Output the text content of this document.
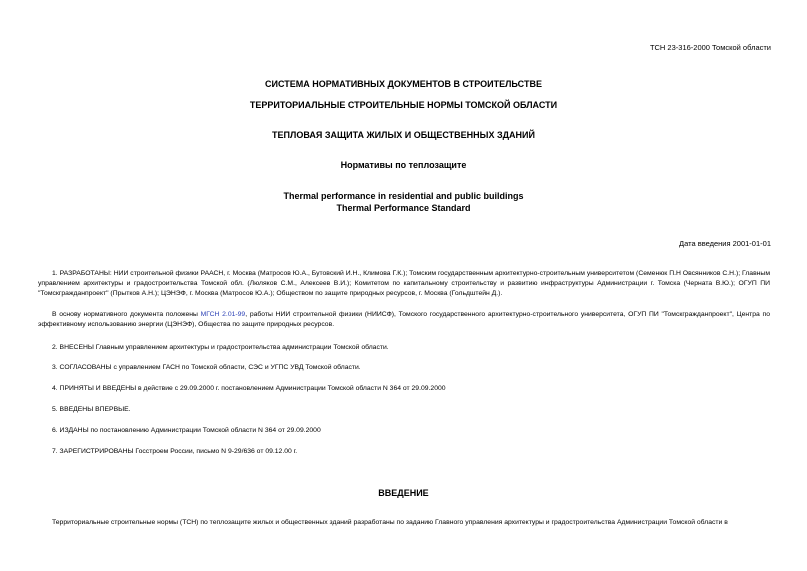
ТСН 23-316-2000 Томской области
СИСТЕМА НОРМАТИВНЫХ ДОКУМЕНТОВ В СТРОИТЕЛЬСТВЕ
ТЕРРИТОРИАЛЬНЫЕ СТРОИТЕЛЬНЫЕ НОРМЫ ТОМСКОЙ ОБЛАСТИ
ТЕПЛОВАЯ ЗАЩИТА ЖИЛЫХ И ОБЩЕСТВЕННЫХ ЗДАНИЙ
Нормативы по теплозащите
Thermal performance in residential and public buildings
Thermal Performance Standard
Дата введения 2001-01-01
1. РАЗРАБОТАНЫ: НИИ строительной физики РААСН, г. Москва (Матросов Ю.А., Бутовский И.Н., Климова Г.К.); Томским государственным архитектурно-строительным университетом (Семенюк П.Н Овсянников С.Н.); Главным управлением архитектуры и градостроительства Томской обл. (Люляков С.М., Алексеев В.И.); Комитетом по капитальному строительству и развитию инфраструктуры Администрации г. Томска (Черната В.Ю.); ОГУП ПИ "Томскгражданпроект" (Прытков А.Н.); ЦЭНЭФ, г. Москва (Матросов Ю.А.); Обществом по защите природных ресурсов, г. Москва (Гольдштейн Д.).
В основу нормативного документа положены МГСН 2.01-99, работы НИИ строительной физики (НИИСФ), Томского государственного архитектурно-строительного университета, ОГУП ПИ "Томскгражданпроект", Центра по эффективному использованию энергии (ЦЭНЭФ), Общества по защите природных ресурсов.
2. ВНЕСЕНЫ Главным управлением архитектуры и градостроительства администрации Томской области.
3. СОГЛАСОВАНЫ с управлением ГАСН по Томской области, СЭС и УГПС УВД Томской области.
4. ПРИНЯТЫ И ВВЕДЕНЫ в действие с 29.09.2000 г. постановлением Администрации Томской области N 364 от 29.09.2000
5. ВВЕДЕНЫ ВПЕРВЫЕ.
6. ИЗДАНЫ по постановлению Администрации Томской области N 364 от 29.09.2000
7. ЗАРЕГИСТРИРОВАНЫ Госстроем России, письмо N 9-29/636 от 09.12.00 г.
ВВЕДЕНИЕ
Территориальные строительные нормы (ТСН) по теплозащите жилых и общественных зданий разработаны по заданию Главного управления архитектуры и градостроительства Администрации Томской области в
